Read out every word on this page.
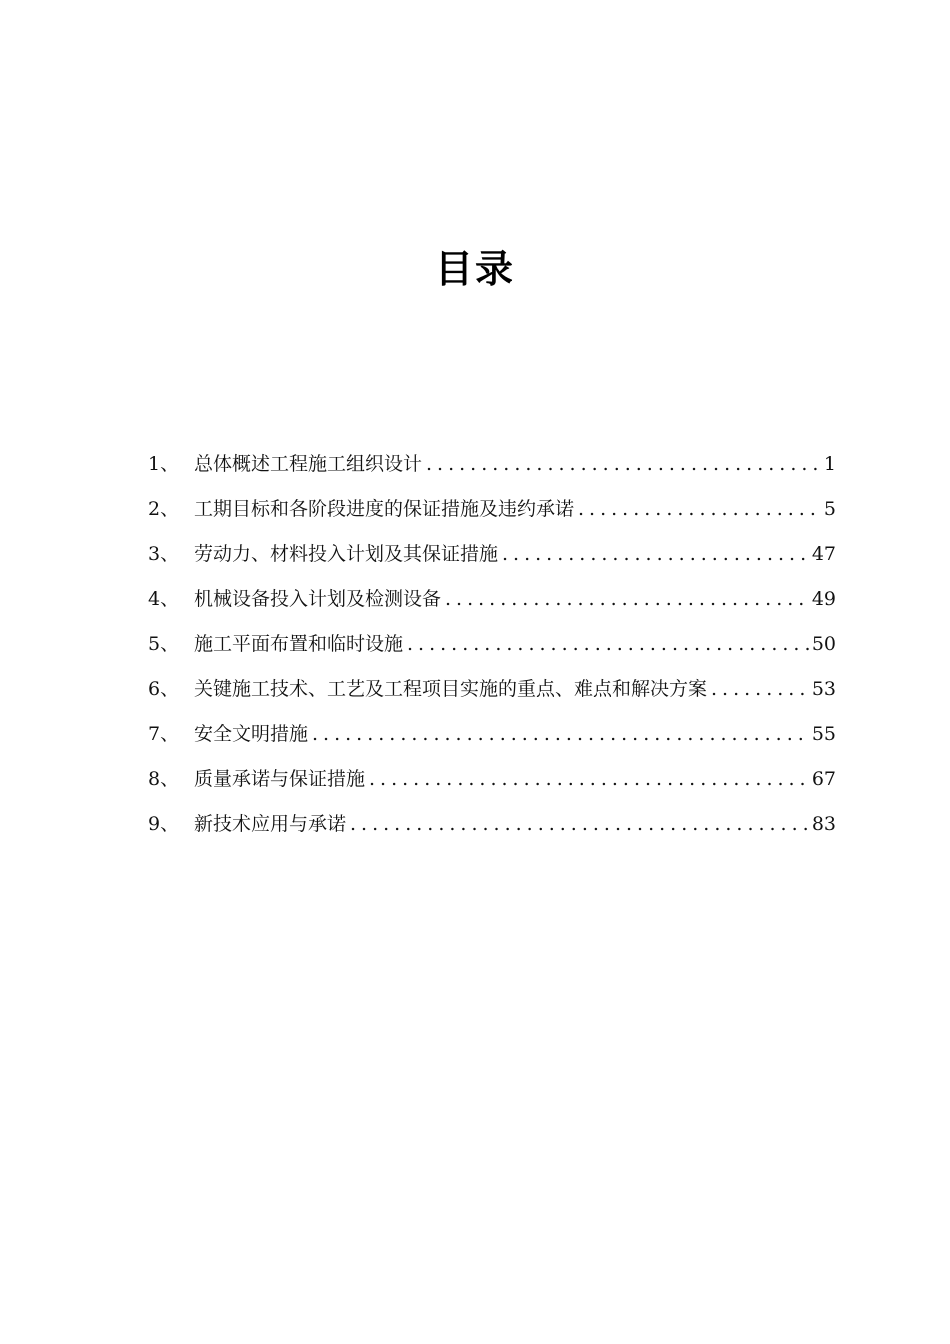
目录
1、 总体概述工程施工组织设计 .....	1
2、 工期目标和各阶段进度的保证措施及违约承诺 .....	5
3、 劳动力、材料投入计划及其保证措施 .....	47
4、 机械设备投入计划及检测设备 .....	49
5、 施工平面布置和临时设施 .....	50
6、 关键施工技术、工艺及工程项目实施的重点、难点和解决方案 .....	53
7、 安全文明措施 .....	55
8、 质量承诺与保证措施 .....	67
9、 新技术应用与承诺 .....	83
